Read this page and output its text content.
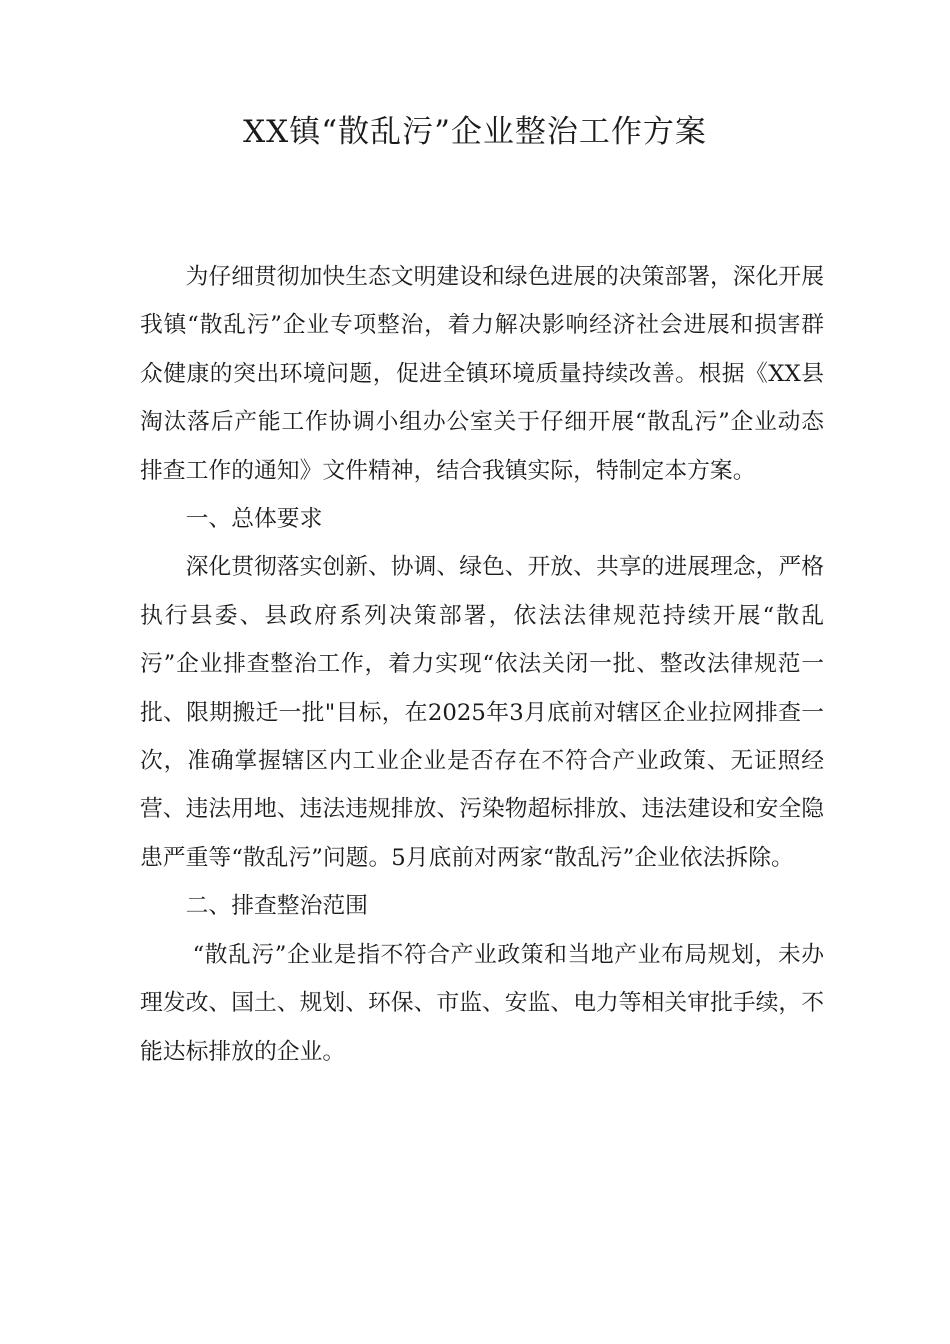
XX镇“散乱污”企业整治工作方案

为仔细贯彻加快生态文明建设和绿色进展的决策部署，深化开展我镇“散乱污”企业专项整治，着力解决影响经济社会进展和损害群众健康的突出环境问题，促进全镇环境质量持续改善。根据《XX县淘汰落后产能工作协调小组办公室关于仔细开展“散乱污”企业动态排查工作的通知》文件精神，结合我镇实际，特制定本方案。

一、总体要求

深化贯彻落实创新、协调、绿色、开放、共享的进展理念，严格执行县委、县政府系列决策部署，依法法律规范持续开展“散乱污”企业排查整治工作，着力实现“依法关闭一批、整改法律规范一批、限期搬迁一批"目标，在2025年3月底前对辖区企业拉网排查一次，准确掌握辖区内工业企业是否存在不符合产业政策、无证照经营、违法用地、违法违规排放、污染物超标排放、违法建设和安全隐患严重等“散乱污”问题。5月底前对两家“散乱污”企业依法拆除。

二、排查整治范围

“散乱污”企业是指不符合产业政策和当地产业布局规划，未办理发改、国土、规划、环保、市监、安监、电力等相关审批手续，不能达标排放的企业。
